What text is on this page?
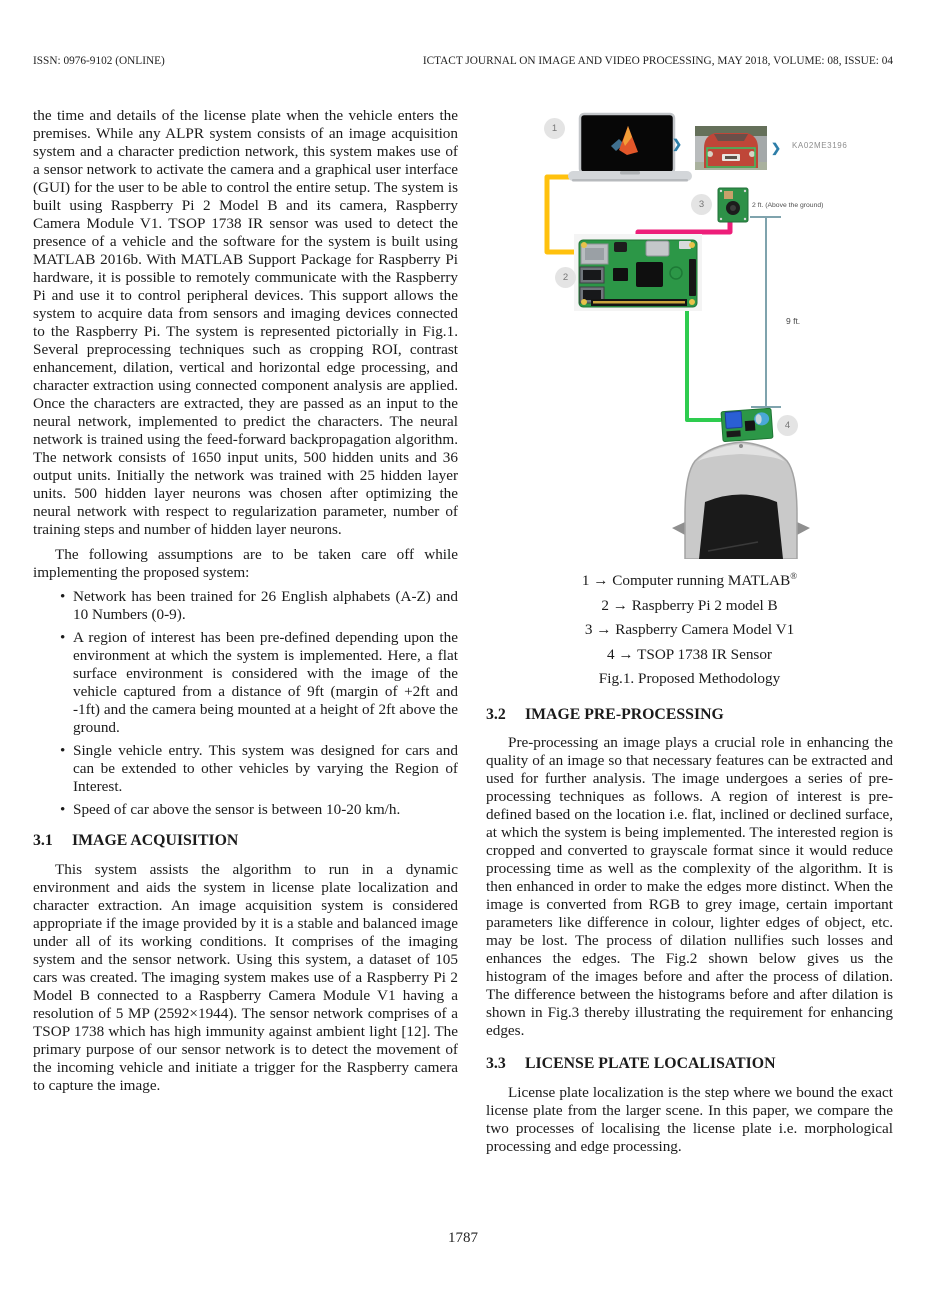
ISSN: 0976-9102 (ONLINE)	ICTACT JOURNAL ON IMAGE AND VIDEO PROCESSING, MAY 2018, VOLUME: 08, ISSUE: 04

the time and details of the license plate when the vehicle enters the premises. While any ALPR system consists of an image acquisition system and a character prediction network, this system makes use of a sensor network to activate the camera and a graphical user interface (GUI) for the user to be able to control the entire setup. The system is built using Raspberry Pi 2 Model B and its camera, Raspberry Camera Module V1. TSOP 1738 IR sensor was used to detect the presence of a vehicle and the software for the system is built using MATLAB 2016b. With MATLAB Support Package for Raspberry Pi hardware, it is possible to remotely communicate with the Raspberry Pi and use it to control peripheral devices. This support allows the system to acquire data from sensors and imaging devices connected to the Raspberry Pi. The system is represented pictorially in Fig.1. Several preprocessing techniques such as cropping ROI, contrast enhancement, dilation, vertical and horizontal edge processing, and character extraction using connected component analysis are applied. Once the characters are extracted, they are passed as an input to the neural network, implemented to predict the characters. The neural network is trained using the feed-forward backpropagation algorithm. The network consists of 1650 input units, 500 hidden units and 36 output units. Initially the network was trained with 25 hidden layer units. 500 hidden layer neurons was chosen after optimizing the neural network with respect to regularization parameter, number of training steps and number of hidden layer neurons.

The following assumptions are to be taken care off while implementing the proposed system:

• Network has been trained for 26 English alphabets (A-Z) and 10 Numbers (0-9).
• A region of interest has been pre-defined depending upon the environment at which the system is implemented. Here, a flat surface environment is considered with the image of the vehicle captured from a distance of 9ft (margin of +2ft and -1ft) and the camera being mounted at a height of 2ft above the ground.
• Single vehicle entry. This system was designed for cars and can be extended to other vehicles by varying the Region of Interest.
• Speed of car above the sensor is between 10-20 km/h.
3.1 IMAGE ACQUISITION

This system assists the algorithm to run in a dynamic environment and aids the system in license plate localization and character extraction. An image acquisition system is considered appropriate if the image provided by it is a stable and balanced image under all of its working conditions. It comprises of the imaging system and the sensor network. Using this system, a dataset of 105 cars was created. The imaging system makes use of a Raspberry Pi 2 Model B connected to a Raspberry Camera Module V1 having a resolution of 5 MP (2592×1944). The sensor network comprises of a TSOP 1738 which has high immunity against ambient light [12]. The primary purpose of our sensor network is to detect the movement of the incoming vehicle and initiate a trigger for the Raspberry camera to capture the image.

1
2
3
4
❯	❯ KA02ME3196
2 ft. (Above the ground)
9 ft.
1 → Computer running MATLAB®
2 → Raspberry Pi 2 model B
3 → Raspberry Camera Model V1
4 → TSOP 1738 IR Sensor
Fig.1. Proposed Methodology
3.2 IMAGE PRE-PROCESSING

Pre-processing an image plays a crucial role in enhancing the quality of an image so that necessary features can be extracted and used for further analysis. The image undergoes a series of pre-processing techniques as follows. A region of interest is pre-defined based on the location i.e. flat, inclined or declined surface, at which the system is being implemented. The interested region is cropped and converted to grayscale format since it would reduce processing time as well as the complexity of the algorithm. It is then enhanced in order to make the edges more distinct. When the image is converted from RGB to grey image, certain important parameters like difference in colour, lighter edges of object, etc. may be lost. The process of dilation nullifies such losses and enhances the edges. The Fig.2 shown below gives us the histogram of the images before and after the process of dilation. The difference between the histograms before and after dilation is shown in Fig.3 thereby illustrating the requirement for enhancing edges.

3.3 LICENSE PLATE LOCALISATION

License plate localization is the step where we bound the exact license plate from the larger scene. In this paper, we compare the two processes of localising the license plate i.e. morphological processing and edge processing.

1787
